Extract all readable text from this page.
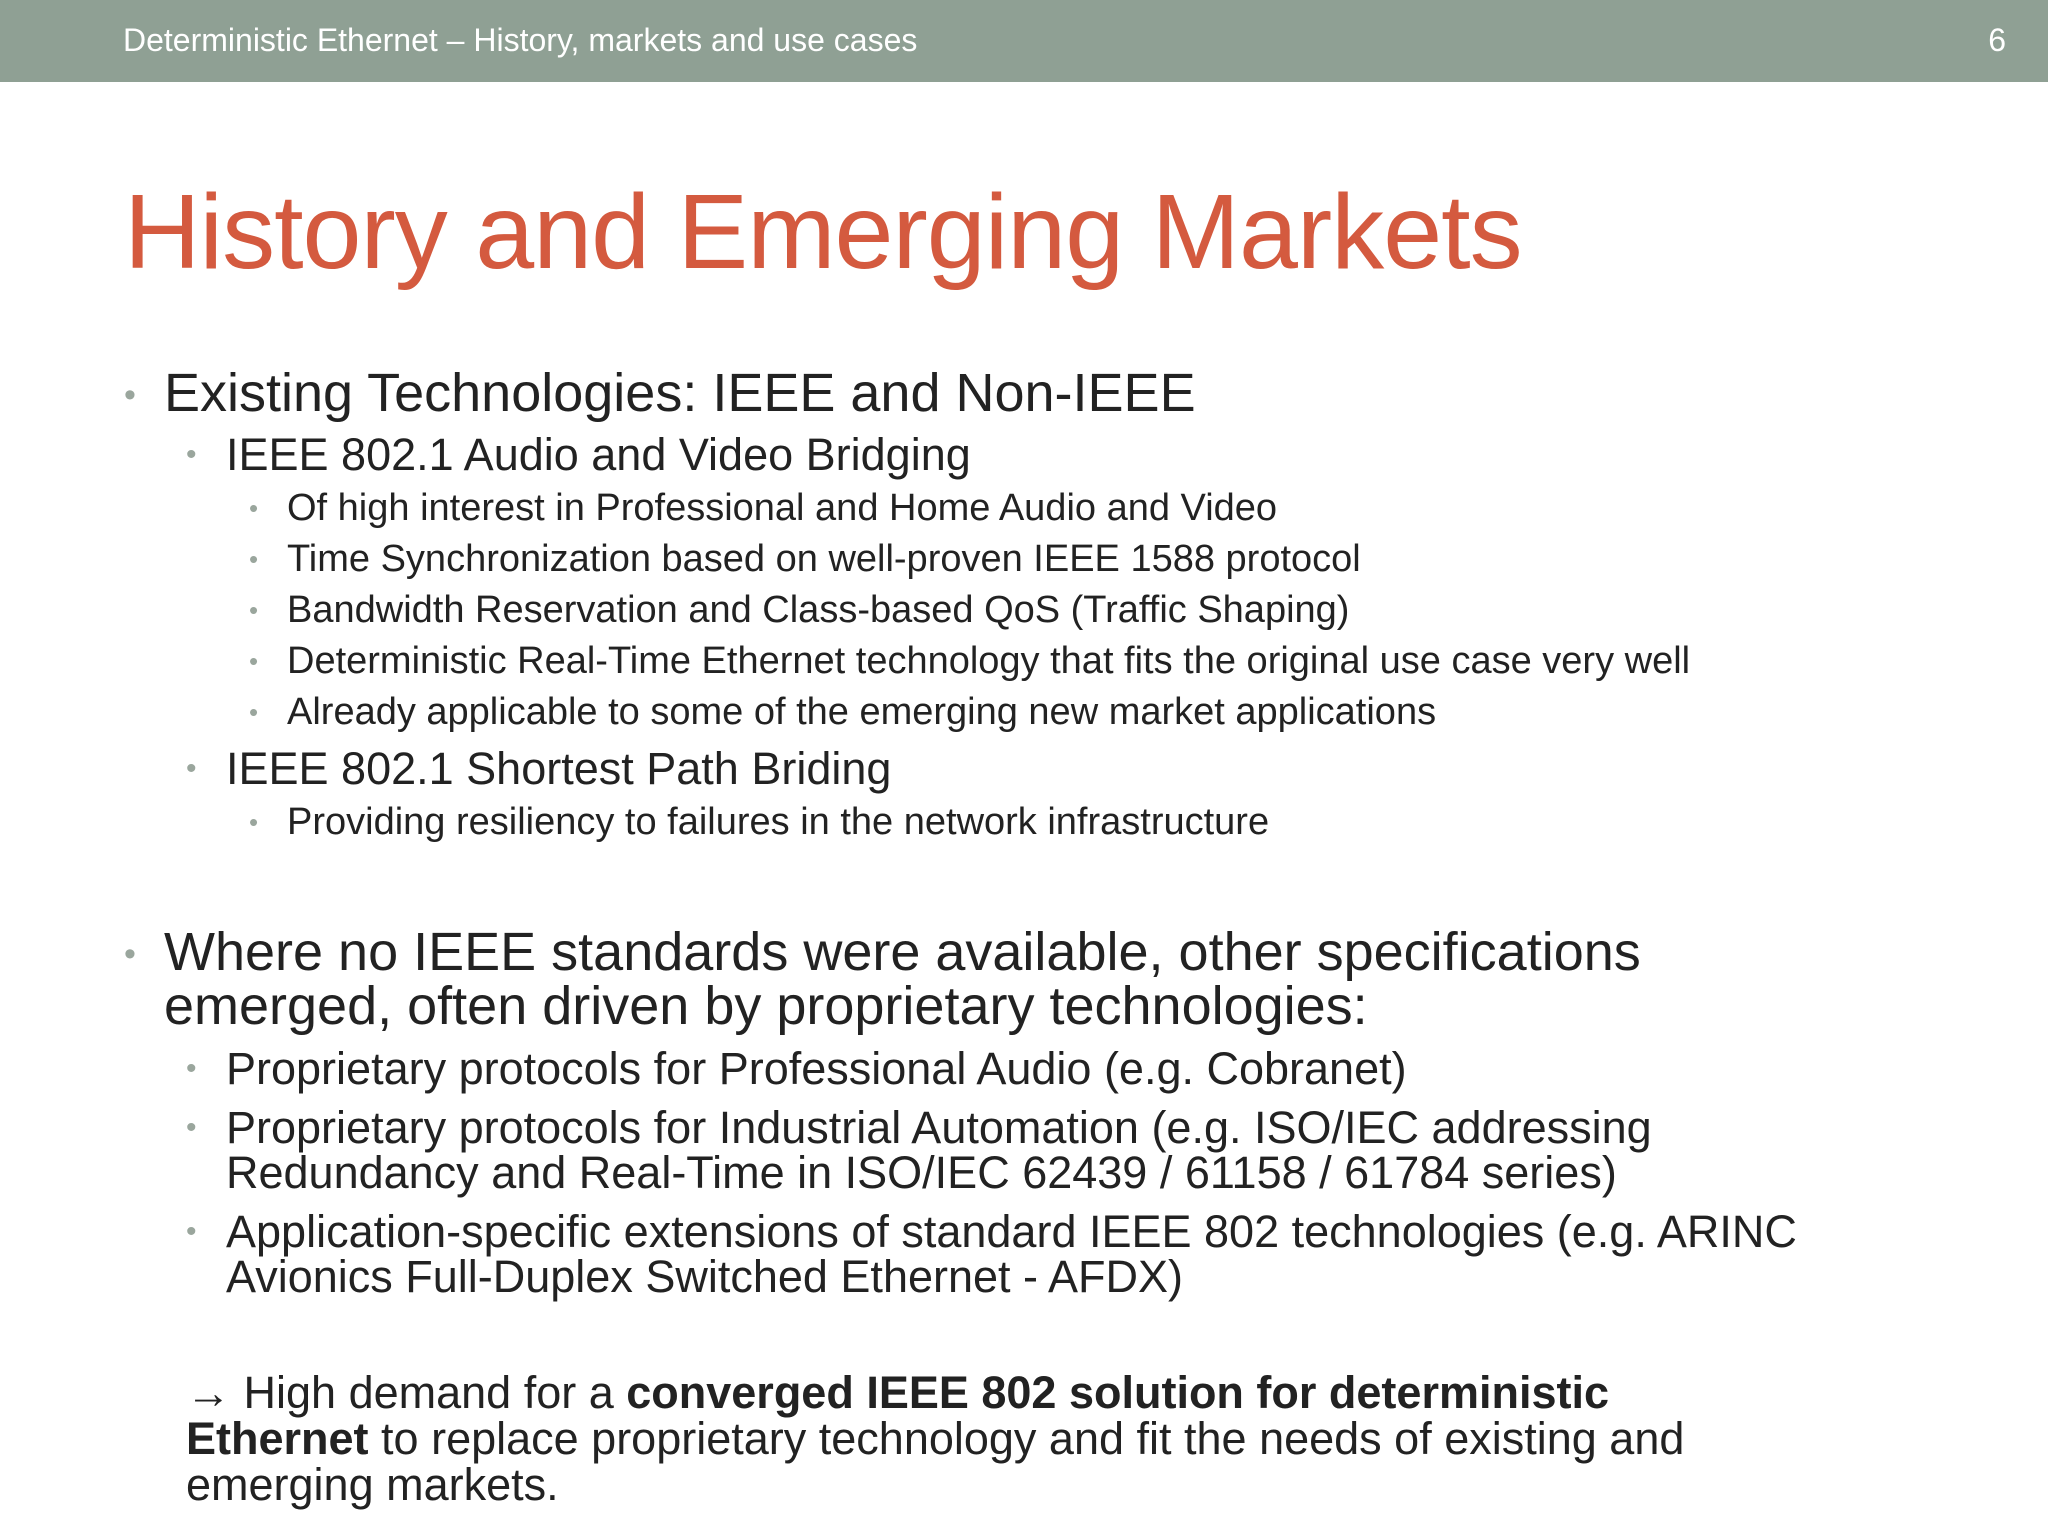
Deterministic Ethernet – History, markets and use cases	6
History and Emerging Markets
• Existing Technologies: IEEE and Non-IEEE
• IEEE 802.1 Audio and Video Bridging
• Of high interest in Professional and Home Audio and Video
• Time Synchronization based on well-proven IEEE 1588 protocol
• Bandwidth Reservation and Class-based QoS (Traffic Shaping)
• Deterministic Real-Time Ethernet technology that fits the original use case very well
• Already applicable to some of the emerging new market applications
• IEEE 802.1 Shortest Path Briding
• Providing resiliency to failures in the network infrastructure
• Where no IEEE standards were available, other specifications
emerged, often driven by proprietary technologies:
• Proprietary protocols for Professional Audio (e.g. Cobranet)
• Proprietary protocols for Industrial Automation (e.g. ISO/IEC addressing
Redundancy and Real-Time in ISO/IEC 62439 / 61158 / 61784 series)
• Application-specific extensions of standard IEEE 802 technologies (e.g. ARINC
Avionics Full-Duplex Switched Ethernet - AFDX)
→ High demand for a converged IEEE 802 solution for deterministic
Ethernet to replace proprietary technology and fit the needs of existing and
emerging markets.
